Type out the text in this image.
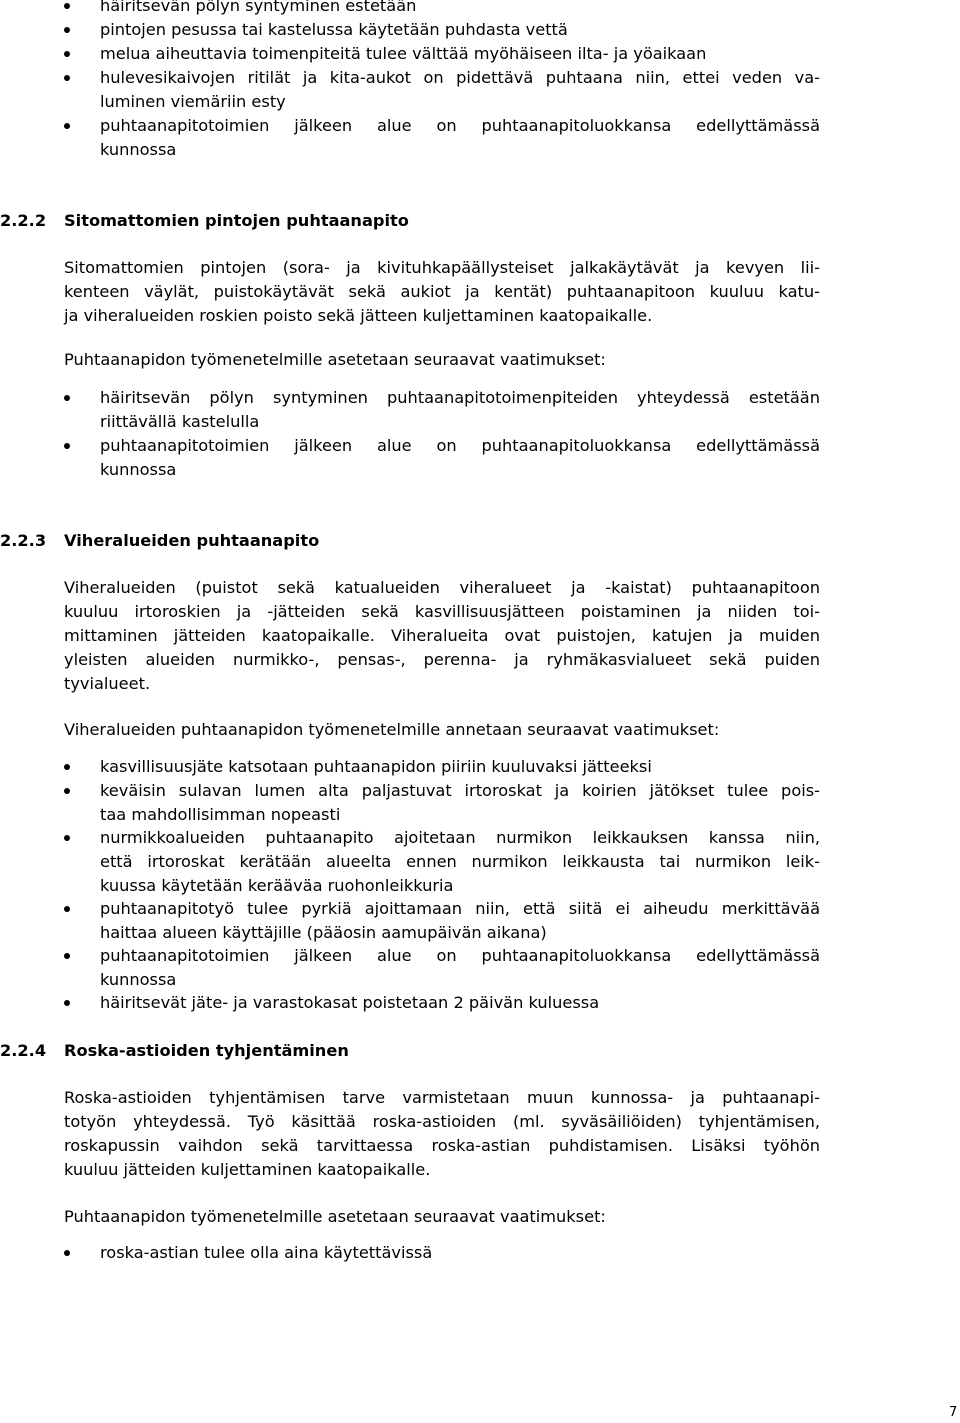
häiritsevän pölyn syntyminen estetään
pintojen pesussa tai kastelussa käytetään puhdasta vettä
melua aiheuttavia toimenpiteitä tulee välttää myöhäiseen ilta- ja yöaikaan
hulevesikaivojen ritilät ja kita-aukot on pidettävä puhtaana niin, ettei veden va-
luminen viemäriin esty
puhtaanapitotoimien jälkeen alue on puhtaanapitoluokkansa edellyttämässä
kunnossa
2.2.2 Sitomattomien pintojen puhtaanapito
Sitomattomien pintojen (sora- ja kivituhkapäällysteiset jalkakäytävät ja kevyen lii-
kenteen väylät, puistokäytävät sekä aukiot ja kentät) puhtaanapitoon kuuluu katu-
ja viheralueiden roskien poisto sekä jätteen kuljettaminen kaatopaikalle.
Puhtaanapidon työmenetelmille asetetaan seuraavat vaatimukset:
häiritsevän pölyn syntyminen puhtaanapitotoimenpiteiden yhteydessä estetään
riittävällä kastelulla
puhtaanapitotoimien jälkeen alue on puhtaanapitoluokkansa edellyttämässä
kunnossa
2.2.3 Viheralueiden puhtaanapito
Viheralueiden (puistot sekä katualueiden viheralueet ja -kaistat) puhtaanapitoon
kuuluu irtoroskien ja -jätteiden sekä kasvillisuusjätteen poistaminen ja niiden toi-
mittaminen jätteiden kaatopaikalle. Viheralueita ovat puistojen, katujen ja muiden
yleisten alueiden nurmikko-, pensas-, perenna- ja ryhmäkasvialueet sekä puiden
tyvialueet.
Viheralueiden puhtaanapidon työmenetelmille annetaan seuraavat vaatimukset:
kasvillisuusjäte katsotaan puhtaanapidon piiriin kuuluvaksi jätteeksi
keväisin sulavan lumen alta paljastuvat irtoroskat ja koirien jätökset tulee pois-
taa mahdollisimman nopeasti
nurmikkoalueiden puhtaanapito ajoitetaan nurmikon leikkauksen kanssa niin,
että irtoroskat kerätään alueelta ennen nurmikon leikkausta tai nurmikon leik-
kuussa käytetään kerääväa ruohonleikkuria
puhtaanapitotyö tulee pyrkiä ajoittamaan niin, että siitä ei aiheudu merkittävää
haittaa alueen käyttäjille (pääosin aamupäivän aikana)
puhtaanapitotoimien jälkeen alue on puhtaanapitoluokkansa edellyttämässä
kunnossa
häiritsevät jäte- ja varastokasat poistetaan 2 päivän kuluessa
2.2.4 Roska-astioiden tyhjentäminen
Roska-astioiden tyhjentämisen tarve varmistetaan muun kunnossa- ja puhtaanapi-
totyön yhteydessä. Työ käsittää roska-astioiden (ml. syväsäiliöiden) tyhjentämisen,
roskapussin vaihdon sekä tarvittaessa roska-astian puhdistamisen. Lisäksi työhön
kuuluu jätteiden kuljettaminen kaatopaikalle.
Puhtaanapidon työmenetelmille asetetaan seuraavat vaatimukset:
roska-astian tulee olla aina käytettävissä
7
